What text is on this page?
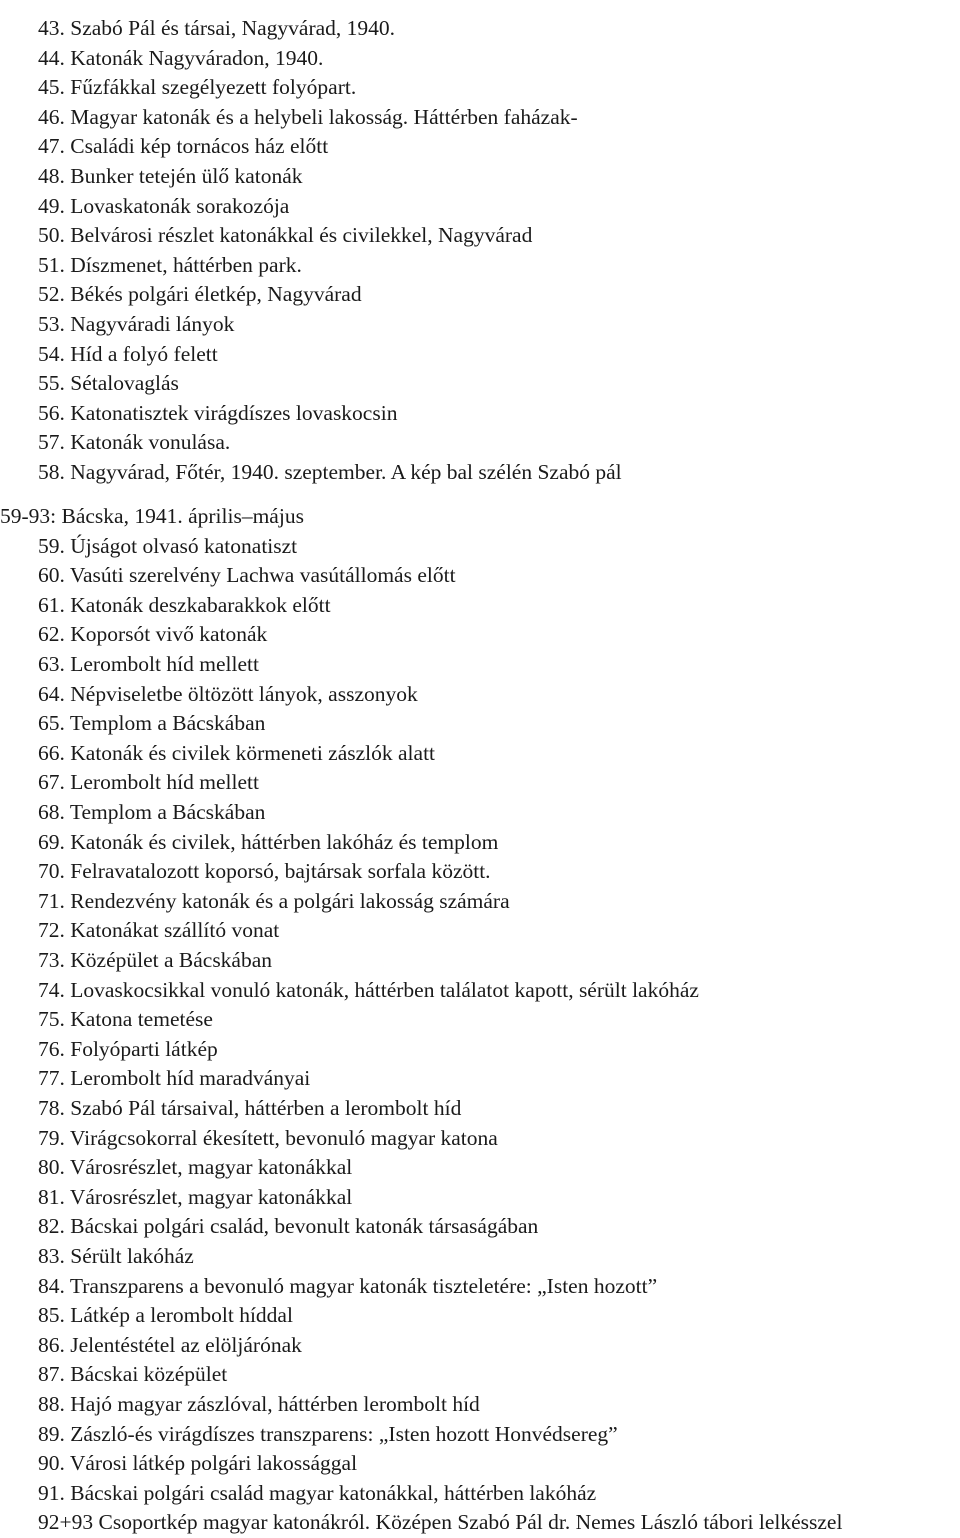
43. Szabó Pál és társai, Nagyvárad, 1940.
44. Katonák Nagyváradon, 1940.
45. Fűzfákkal szegélyezett folyópart.
46. Magyar katonák és a helybeli lakosság. Háttérben faházak-
47. Családi kép tornácos ház előtt
48. Bunker tetején ülő katonák
49. Lovaskatonák sorakozója
50. Belvárosi részlet katonákkal és civilekkel, Nagyvárad
51. Díszmenet, háttérben park.
52. Békés polgári életkép, Nagyvárad
53. Nagyváradi lányok
54. Híd a folyó felett
55. Sétalovaglás
56. Katonatisztek virágdíszes lovaskocsin
57. Katonák vonulása.
58. Nagyvárad, Főtér, 1940. szeptember. A kép bal szélén Szabó pál
59-93: Bácska, 1941. április–május
59. Újságot olvasó katonatiszt
60. Vasúti szerelvény Lachwa vasútállomás előtt
61. Katonák deszkabarakkok előtt
62. Koporsót vivő katonák
63. Lerombolt híd mellett
64. Népviseletbe öltözött lányok, asszonyok
65. Templom a Bácskában
66. Katonák és civilek körmeneti zászlók alatt
67. Lerombolt híd mellett
68. Templom a Bácskában
69. Katonák és civilek, háttérben lakóház és templom
70. Felravatalozott koporsó, bajtársak sorfala között.
71. Rendezvény katonák és a polgári lakosság számára
72. Katonákat szállító vonat
73. Középület a Bácskában
74. Lovaskocsikkal vonuló katonák, háttérben találatot kapott, sérült lakóház
75. Katona temetése
76. Folyóparti látkép
77. Lerombolt híd maradványai
78. Szabó Pál társaival, háttérben a lerombolt híd
79. Virágcsokorral ékesített, bevonuló magyar katona
80. Városrészlet, magyar katonákkal
81. Városrészlet, magyar katonákkal
82. Bácskai polgári család, bevonult katonák társaságában
83. Sérült lakóház
84. Transzparens a bevonuló magyar katonák tiszteletére: „Isten hozott”
85. Látkép a lerombolt híddal
86. Jelentéstétel az elöljárónak
87. Bácskai középület
88. Hajó magyar zászlóval, háttérben lerombolt híd
89. Zászló-és virágdíszes transzparens: „Isten hozott Honvédsereg”
90. Városi látkép polgári lakossággal
91. Bácskai polgári család magyar katonákkal, háttérben lakóház
92+93 Csoportkép magyar katonákról. Középen Szabó Pál dr. Nemes László tábori lelkésszel
